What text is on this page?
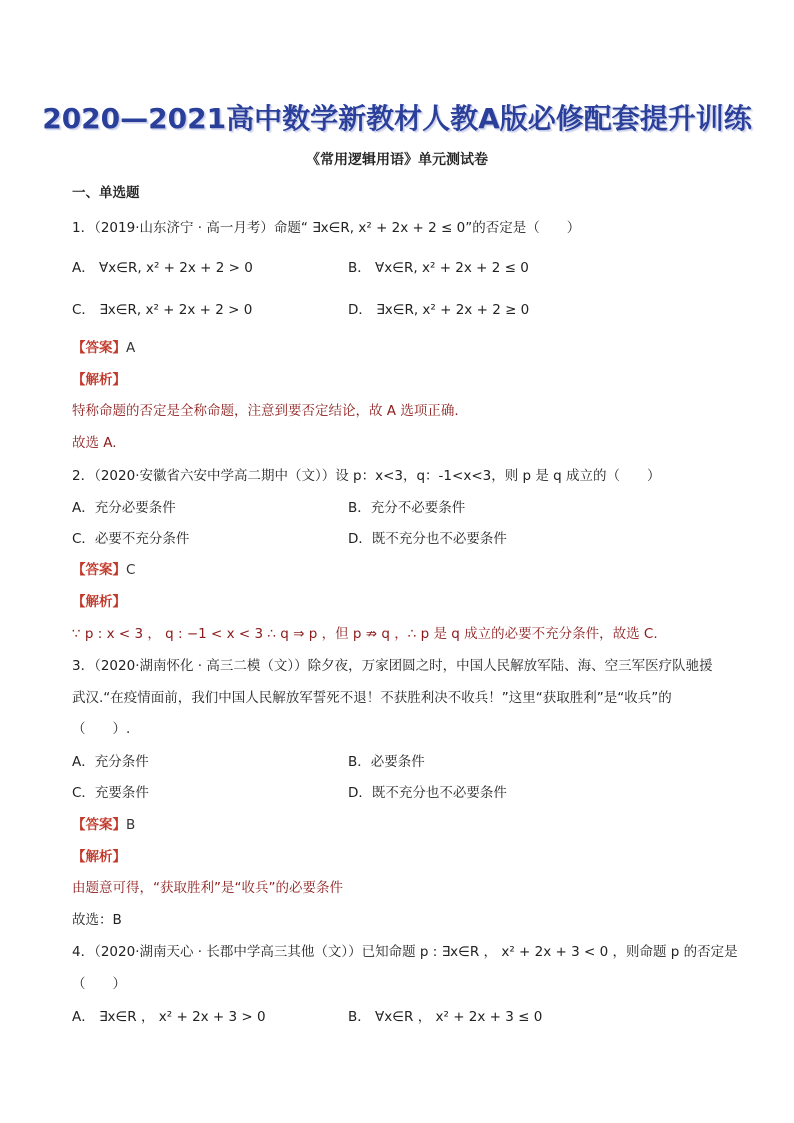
2020—2021高中数学新教材人教A版必修配套提升训练
《常用逻辑用语》单元测试卷
一、单选题
1．（2019·山东济宁 · 高一月考）命题“ ∃x∈R, x² + 2x + 2 ≤ 0”的否定是（　　）
A． ∀x∈R, x² + 2x + 2 > 0	B． ∀x∈R, x² + 2x + 2 ≤ 0
C． ∃x∈R, x² + 2x + 2 > 0	D． ∃x∈R, x² + 2x + 2 ≥ 0
【答案】A
【解析】
特称命题的否定是全称命题，注意到要否定结论，故 A 选项正确.
故选 A.
2．（2020·安徽省六安中学高二期中（文））设 p：x<3，q：-1<x<3，则 p 是 q 成立的（　　）
A．充分必要条件	B．充分不必要条件
C．必要不充分条件	D．既不充分也不必要条件
【答案】C
【解析】
∵ p : x < 3 ， q : −1 < x < 3 ∴ q ⇒ p ，但 p ⇏ q ，∴ p 是 q 成立的必要不充分条件，故选 C.
3．（2020·湖南怀化 · 高三二模（文））除夕夜，万家团圆之时，中国人民解放军陆、海、空三军医疗队驰援
武汉.“在疫情面前，我们中国人民解放军誓死不退！不获胜利决不收兵！”这里“获取胜利”是“收兵”的
（　　）.
A．充分条件	B．必要条件
C．充要条件	D．既不充分也不必要条件
【答案】B
【解析】
由题意可得，“获取胜利”是“收兵”的必要条件
故选：B
4．（2020·湖南天心 · 长郡中学高三其他（文））已知命题 p : ∃x∈R ， x² + 2x + 3 < 0 ，则命题 p 的否定是
（　　）
A． ∃x∈R ， x² + 2x + 3 > 0	B． ∀x∈R ， x² + 2x + 3 ≤ 0
